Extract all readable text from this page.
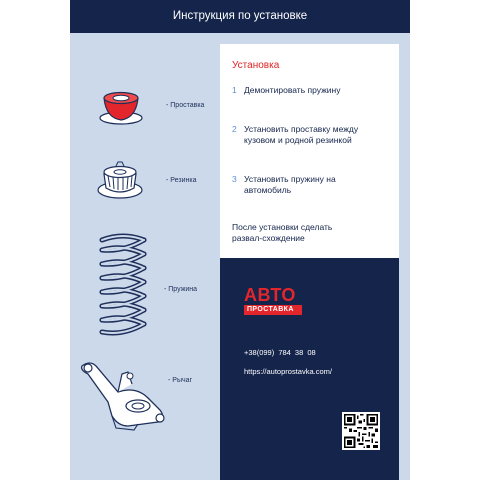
Инструкция по установке
- Проставка
- Резинка
- Пружина
- Рычаг
Установка
1 Демонтировать пружину
2 Установить проставку между кузовом и родной резинкой
3 Установить пружину на автомобиль
После установки сделать развал-схождение
АВТО
ПРОСТАВКА
+38(099) 784 38 08
https://autoprostavka.com/
